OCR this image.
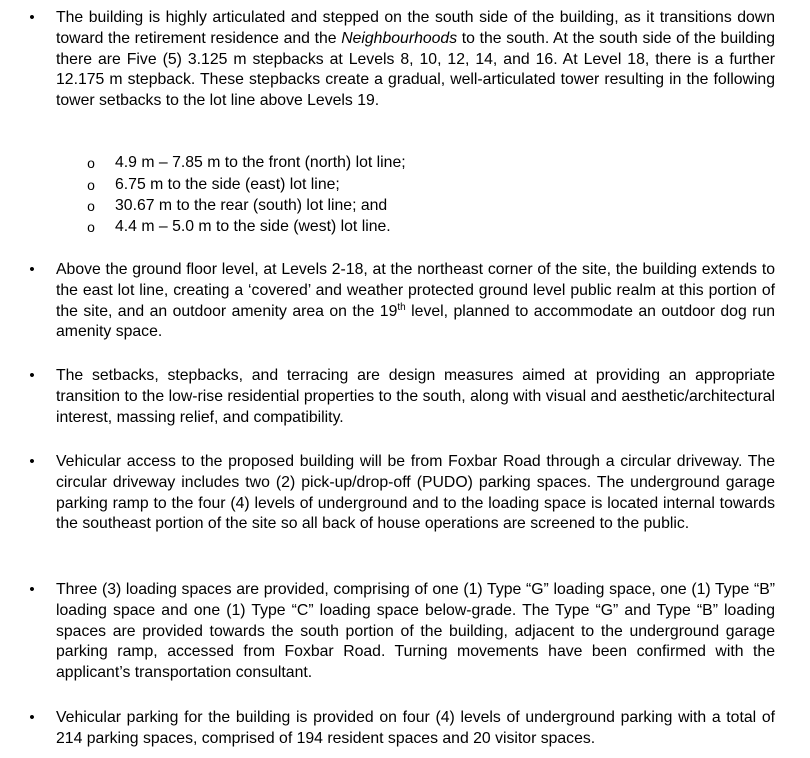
• The building is highly articulated and stepped on the south side of the building, as it transitions down toward the retirement residence and the Neighbourhoods to the south. At the south side of the building there are Five (5) 3.125 m stepbacks at Levels 8, 10, 12, 14, and 16. At Level 18, there is a further 12.175 m stepback. These stepbacks create a gradual, well-articulated tower resulting in the following tower setbacks to the lot line above Levels 19.
o 4.9 m – 7.85 m to the front (north) lot line;
o 6.75 m to the side (east) lot line;
o 30.67 m to the rear (south) lot line; and
o 4.4 m – 5.0 m to the side (west) lot line.
• Above the ground floor level, at Levels 2-18, at the northeast corner of the site, the building extends to the east lot line, creating a ‘covered’ and weather protected ground level public realm at this portion of the site, and an outdoor amenity area on the 19th level, planned to accommodate an outdoor dog run amenity space.
• The setbacks, stepbacks, and terracing are design measures aimed at providing an appropriate transition to the low-rise residential properties to the south, along with visual and aesthetic/architectural interest, massing relief, and compatibility.
• Vehicular access to the proposed building will be from Foxbar Road through a circular driveway. The circular driveway includes two (2) pick-up/drop-off (PUDO) parking spaces. The underground garage parking ramp to the four (4) levels of underground and to the loading space is located internal towards the southeast portion of the site so all back of house operations are screened to the public.
• Three (3) loading spaces are provided, comprising of one (1) Type “G” loading space, one (1) Type “B” loading space and one (1) Type “C” loading space below-grade. The Type “G” and Type “B” loading spaces are provided towards the south portion of the building, adjacent to the underground garage parking ramp, accessed from Foxbar Road. Turning movements have been confirmed with the applicant’s transportation consultant.
• Vehicular parking for the building is provided on four (4) levels of underground parking with a total of 214 parking spaces, comprised of 194 resident spaces and 20 visitor spaces.
